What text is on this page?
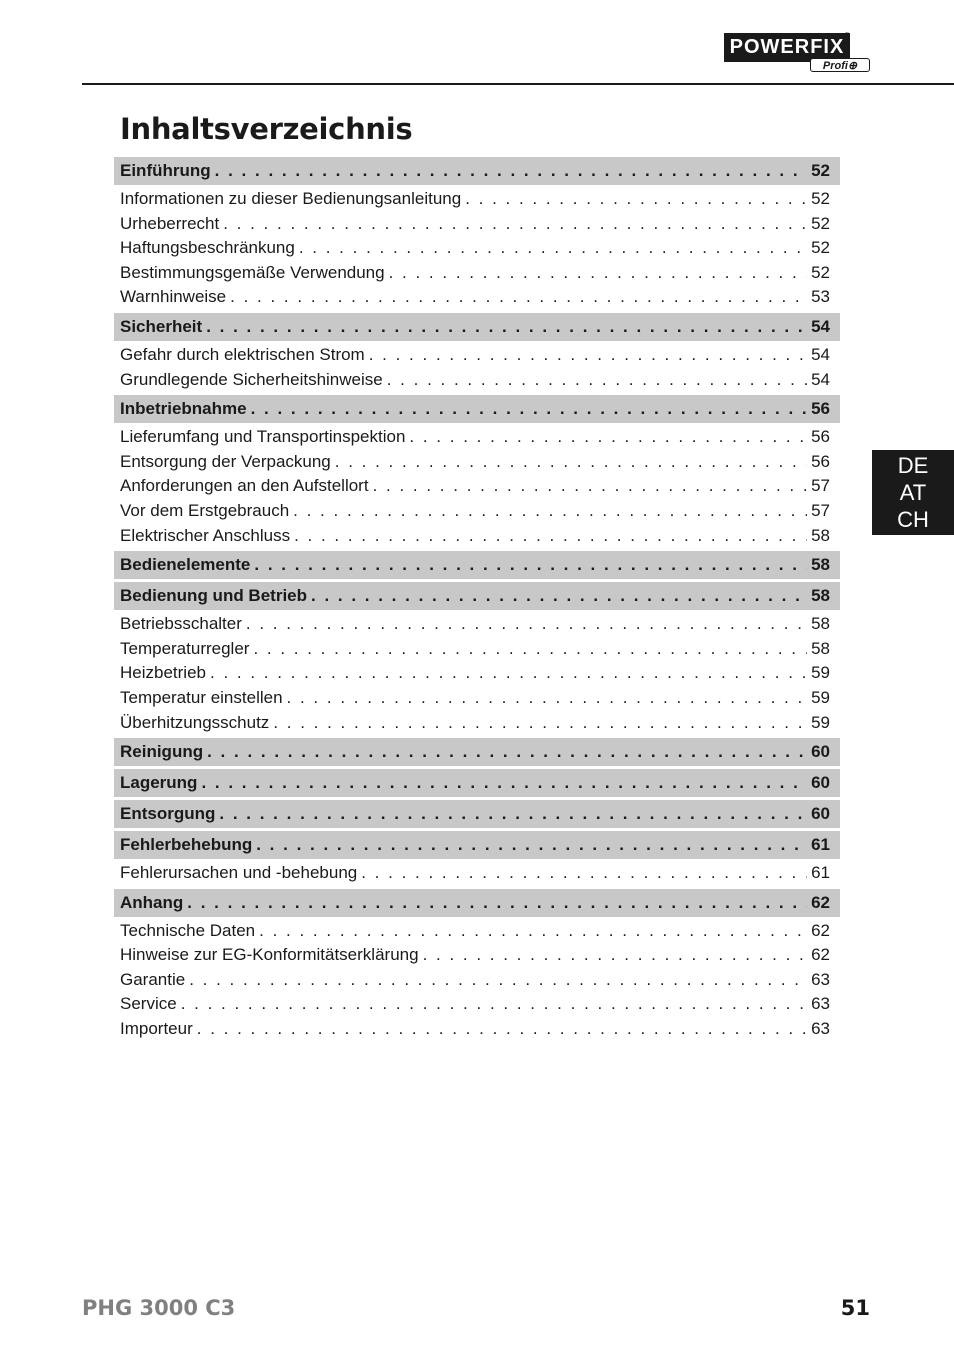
POWERFIX
®
Profi⊕
Inhaltsverzeichnis
Einführung . . .	52
Informationen zu dieser Bedienungsanleitung . . .	52
Urheberrecht . . .	52
Haftungsbeschränkung . . .	52
Bestimmungsgemäße Verwendung . . .	52
Warnhinweise . . .	53
Sicherheit . . .	54
Gefahr durch elektrischen Strom . . .	54
Grundlegende Sicherheitshinweise . . .	54
Inbetriebnahme . . .	56
Lieferumfang und Transportinspektion . . .	56
Entsorgung der Verpackung . . .	56
Anforderungen an den Aufstellort . . .	57
Vor dem Erstgebrauch . . .	57
Elektrischer Anschluss . . .	58
Bedienelemente . . .	58
Bedienung und Betrieb . . .	58
Betriebsschalter . . .	58
Temperaturregler . . .	58
Heizbetrieb . . .	59
Temperatur einstellen . . .	59
Überhitzungsschutz . . .	59
Reinigung . . .	60
Lagerung . . .	60
Entsorgung . . .	60
Fehlerbehebung . . .	61
Fehlerursachen und -behebung . . .	61
Anhang . . .	62
Technische Daten . . .	62
Hinweise zur EG-Konformitätserklärung . . .	62
Garantie . . .	63
Service . . .	63
Importeur . . .	63
DE
AT
CH
PHG 3000 C3	51
